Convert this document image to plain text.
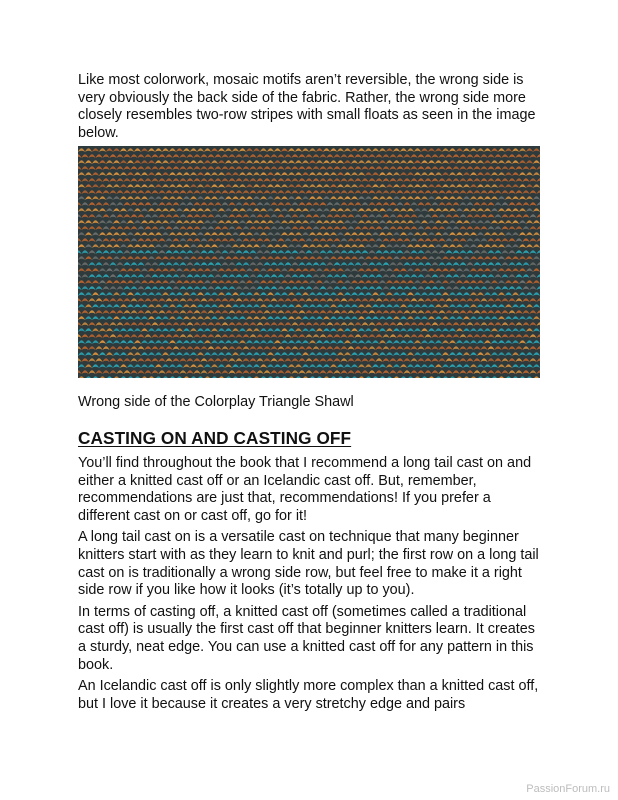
Like most colorwork, mosaic motifs aren’t reversible, the wrong side is very obviously the back side of the fabric. Rather, the wrong side more closely resembles two-row stripes with small floats as seen in the image below.

Wrong side of the Colorplay Triangle Shawl

CASTING ON AND CASTING OFF

You’ll find throughout the book that I recommend a long tail cast on and either a knitted cast off or an Icelandic cast off. But, remember, recommendations are just that, recommendations! If you prefer a different cast on or cast off, go for it!

A long tail cast on is a versatile cast on technique that many beginner knitters start with as they learn to knit and purl; the first row on a long tail cast on is traditionally a wrong side row, but feel free to make it a right side row if you like how it looks (it’s totally up to you).

In terms of casting off, a knitted cast off (sometimes called a traditional cast off) is usually the first cast off that beginner knitters learn. It creates a sturdy, neat edge. You can use a knitted cast off for any pattern in this book.

An Icelandic cast off is only slightly more complex than a knitted cast off, but I love it because it creates a very stretchy edge and pairs

PassionForum.ru
